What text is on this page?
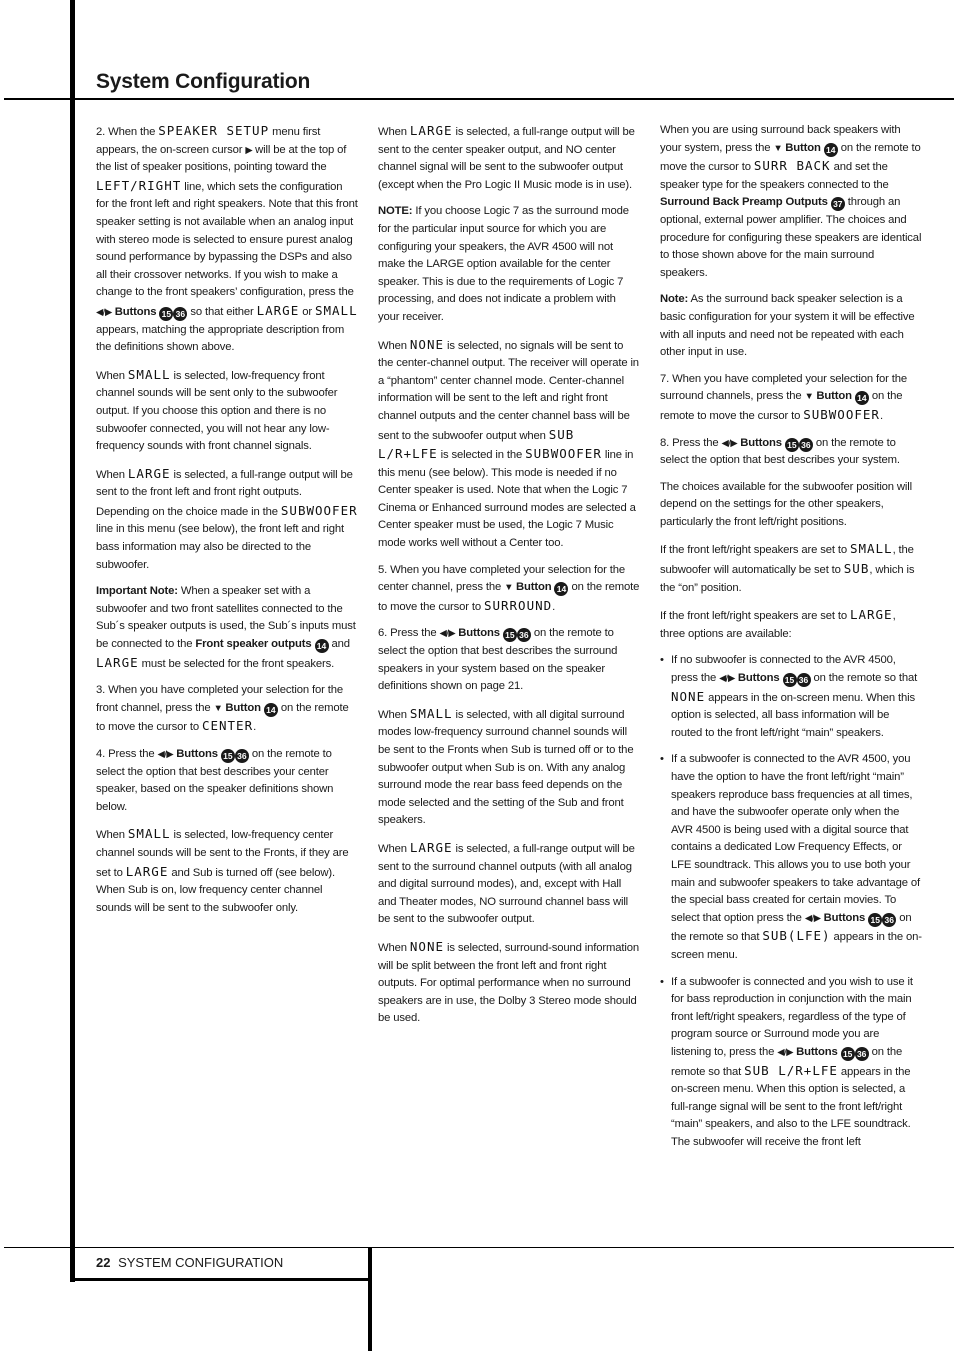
System Configuration

2. When the SPEAKER SETUP menu first appears, the on-screen cursor ▶ will be at the top of the list of speaker positions, pointing toward the LEFT/RIGHT line, which sets the configuration for the front left and right speakers. Note that this front speaker setting is not available when an analog input with stereo mode is selected to ensure purest analog sound performance by bypassing the DSPs and also all their crossover networks. If you wish to make a change to the front speakers’ configuration, press the ◀/▶ Buttons 15 36 so that either LARGE or SMALL appears, matching the appropriate description from the definitions shown above.

When SMALL is selected, low-frequency front channel sounds will be sent only to the subwoofer output. If you choose this option and there is no subwoofer connected, you will not hear any low-frequency sounds with front channel signals.

When LARGE is selected, a full-range output will be sent to the front left and front right outputs. Depending on the choice made in the SUBWOOFER line in this menu (see below), the front left and right bass information may also be directed to the subwoofer.

Important Note: When a speaker set with a subwoofer and two front satellites connected to the Sub´s speaker outputs is used, the Sub´s inputs must be connected to the Front speaker outputs 14 and LARGE must be selected for the front speakers.

3. When you have completed your selection for the front channel, press the ▼ Button 14 on the remote to move the cursor to CENTER.

4. Press the ◀/▶ Buttons 15 36 on the remote to select the option that best describes your center speaker, based on the speaker definitions shown below.

When SMALL is selected, low-frequency center channel sounds will be sent to the Fronts, if they are set to LARGE and Sub is turned off (see below). When Sub is on, low frequency center channel sounds will be sent to the subwoofer only.

When LARGE is selected, a full-range output will be sent to the center speaker output, and NO center channel signal will be sent to the subwoofer output (except when the Pro Logic II Music mode is in use).

NOTE: If you choose Logic 7 as the surround mode for the particular input source for which you are configuring your speakers, the AVR 4500 will not make the LARGE option available for the center speaker. This is due to the requirements of Logic 7 processing, and does not indicate a problem with your receiver.

When NONE is selected, no signals will be sent to the center-channel output. The receiver will operate in a “phantom” center channel mode. Center-channel information will be sent to the left and right front channel outputs and the center channel bass will be sent to the subwoofer output when SUB L/R+LFE is selected in the SUBWOOFER line in this menu (see below). This mode is needed if no Center speaker is used. Note that when the Logic 7 Cinema or Enhanced surround modes are selected a Center speaker must be used, the Logic 7 Music mode works well without a Center too.

5. When you have completed your selection for the center channel, press the ▼ Button 14 on the remote to move the cursor to SURROUND.

6. Press the ◀/▶ Buttons 15 36 on the remote to select the option that best describes the surround speakers in your system based on the speaker definitions shown on page 21.

When SMALL is selected, with all digital surround modes low-frequency surround channel sounds will be sent to the Fronts when Sub is turned off or to the subwoofer output when Sub is on. With any analog surround mode the rear bass feed depends on the mode selected and the setting of the Sub and front speakers.

When LARGE is selected, a full-range output will be sent to the surround channel outputs (with all analog and digital surround modes), and, except with Hall and Theater modes, NO surround channel bass will be sent to the subwoofer output.

When NONE is selected, surround-sound information will be split between the front left and front right outputs. For optimal performance when no surround speakers are in use, the Dolby 3 Stereo mode should be used.

When you are using surround back speakers with your system, press the ▼ Button 14 on the remote to move the cursor to SURR BACK and set the speaker type for the speakers connected to the Surround Back Preamp Outputs 37 through an optional, external power amplifier. The choices and procedure for configuring these speakers are identical to those shown above for the main surround speakers.

Note: As the surround back speaker selection is a basic configuration for your system it will be effective with all inputs and need not be repeated with each other input in use.

7. When you have completed your selection for the surround channels, press the ▼ Button 14 on the remote to move the cursor to SUBWOOFER.

8. Press the ◀/▶ Buttons 15 36 on the remote to select the option that best describes your system.

The choices available for the subwoofer position will depend on the settings for the other speakers, particularly the front left/right positions.

If the front left/right speakers are set to SMALL, the subwoofer will automatically be set to SUB, which is the “on” position.

If the front left/right speakers are set to LARGE, three options are available:

• If no subwoofer is connected to the AVR 4500, press the ◀/▶ Buttons 15 36 on the remote so that NONE appears in the on-screen menu. When this option is selected, all bass information will be routed to the front left/right “main” speakers.

• If a subwoofer is connected to the AVR 4500, you have the option to have the front left/right “main” speakers reproduce bass frequencies at all times, and have the subwoofer operate only when the AVR 4500 is being used with a digital source that contains a dedicated Low Frequency Effects, or LFE soundtrack. This allows you to use both your main and subwoofer speakers to take advantage of the special bass created for certain movies. To select that option press the ◀/▶ Buttons 15 36 on the remote so that SUB(LFE) appears in the on-screen menu.

• If a subwoofer is connected and you wish to use it for bass reproduction in conjunction with the main front left/right speakers, regardless of the type of program source or Surround mode you are listening to, press the ◀/▶ Buttons 15 36 on the remote so that SUB L/R+LFE appears in the on-screen menu. When this option is selected, a full-range signal will be sent to the front left/right “main” speakers, and also to the LFE soundtrack. The subwoofer will receive the front left

22 SYSTEM CONFIGURATION
